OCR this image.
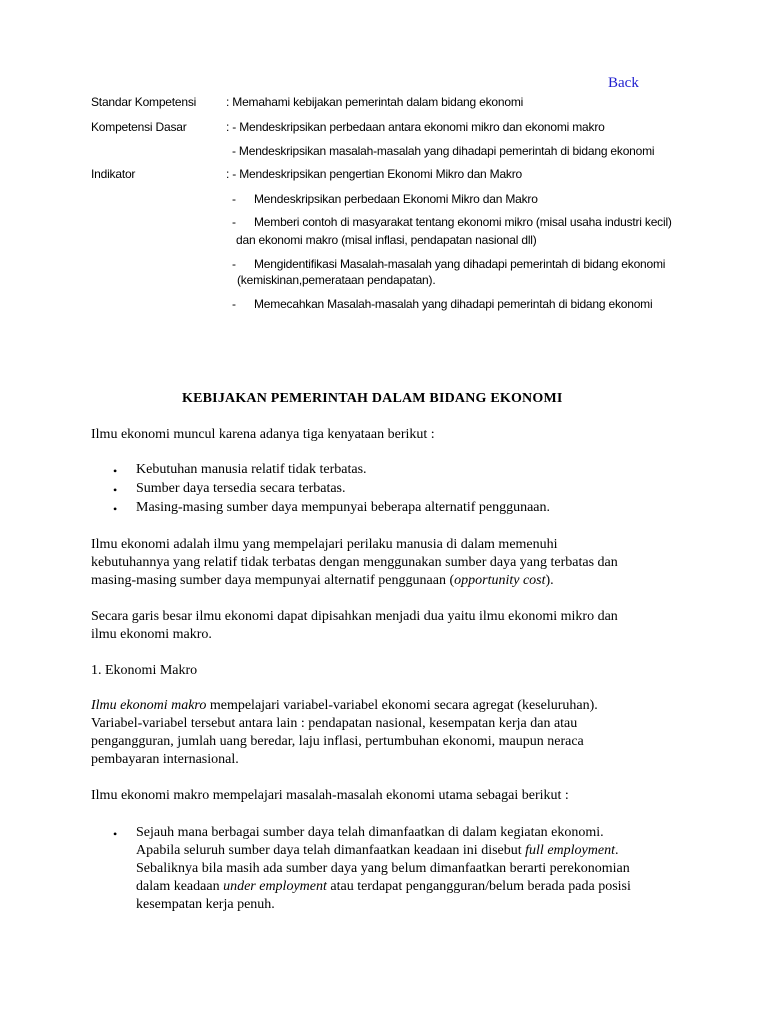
Back
Standar Kompetensi : Memahami kebijakan pemerintah dalam bidang ekonomi
Kompetensi Dasar	: - Mendeskripsikan perbedaan antara ekonomi mikro dan ekonomi makro
- Mendeskripsikan masalah-masalah yang dihadapi pemerintah di bidang ekonomi
Indikator	: - Mendeskripsikan pengertian Ekonomi Mikro dan Makro
- Mendeskripsikan perbedaan Ekonomi Mikro dan Makro
- Memberi contoh di masyarakat tentang ekonomi mikro (misal usaha industri kecil)
dan ekonomi makro (misal inflasi, pendapatan nasional dll)
- Mengidentifikasi Masalah-masalah yang dihadapi pemerintah di bidang ekonomi
(kemiskinan,pemerataan pendapatan).
- Memecahkan Masalah-masalah yang dihadapi pemerintah di bidang ekonomi
KEBIJAKAN PEMERINTAH DALAM BIDANG EKONOMI
Ilmu ekonomi muncul karena adanya tiga kenyataan berikut :
• Kebutuhan manusia relatif tidak terbatas.
• Sumber daya tersedia secara terbatas.
• Masing-masing sumber daya mempunyai beberapa alternatif penggunaan.
Ilmu ekonomi adalah ilmu yang mempelajari perilaku manusia di dalam memenuhi
kebutuhannya yang relatif tidak terbatas dengan menggunakan sumber daya yang terbatas dan
masing-masing sumber daya mempunyai alternatif penggunaan (opportunity cost).
Secara garis besar ilmu ekonomi dapat dipisahkan menjadi dua yaitu ilmu ekonomi mikro dan
ilmu ekonomi makro.
1. Ekonomi Makro
Ilmu ekonomi makro mempelajari variabel-variabel ekonomi secara agregat (keseluruhan).
Variabel-variabel tersebut antara lain : pendapatan nasional, kesempatan kerja dan atau
pengangguran, jumlah uang beredar, laju inflasi, pertumbuhan ekonomi, maupun neraca
pembayaran internasional.
Ilmu ekonomi makro mempelajari masalah-masalah ekonomi utama sebagai berikut :
• Sejauh mana berbagai sumber daya telah dimanfaatkan di dalam kegiatan ekonomi.
Apabila seluruh sumber daya telah dimanfaatkan keadaan ini disebut full employment.
Sebaliknya bila masih ada sumber daya yang belum dimanfaatkan berarti perekonomian
dalam keadaan under employment atau terdapat pengangguran/belum berada pada posisi
kesempatan kerja penuh.
